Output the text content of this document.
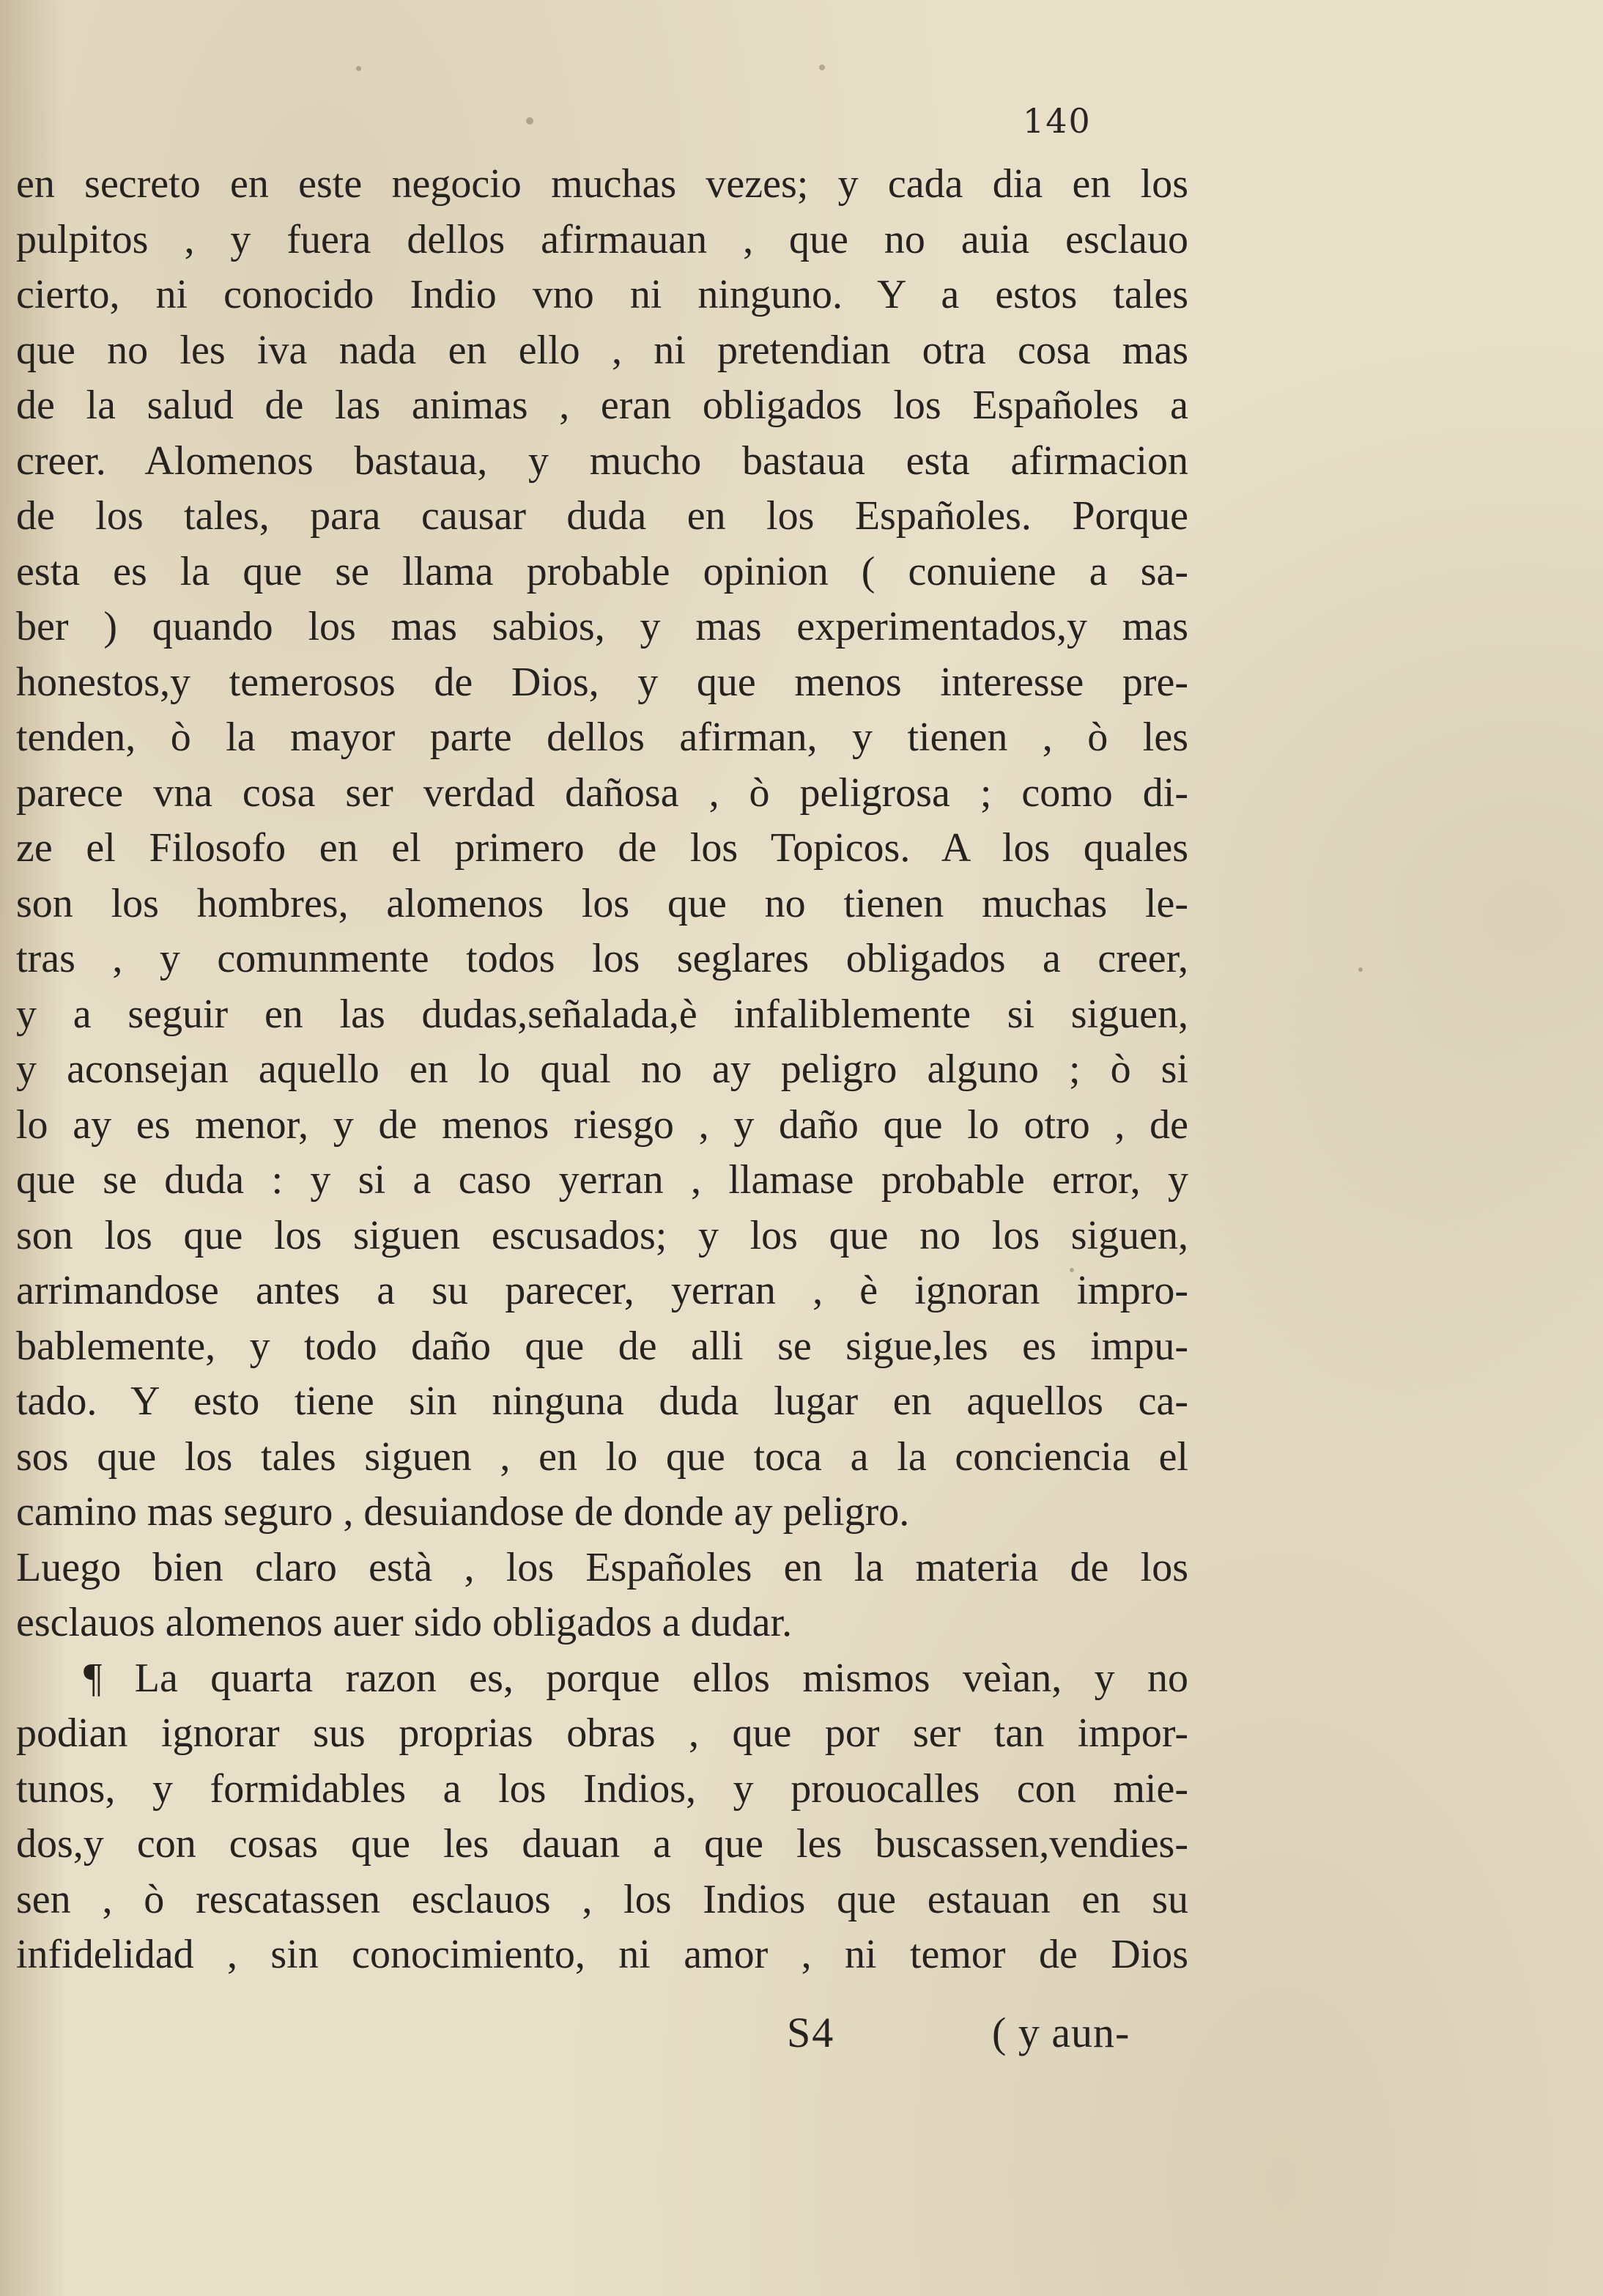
140
en secreto en este negocio muchas vezes; y cada dia en los
pulpitos , y fuera dellos afirmauan , que no auia esclauo
cierto, ni conocido Indio vno ni ninguno. Y a estos tales
que no les iva nada en ello , ni pretendian otra cosa mas
de la salud de las animas , eran obligados los Españoles a
creer. Alomenos bastaua, y mucho bastaua esta afirmacion
de los tales, para causar duda en los Españoles. Porque
esta es la que se llama probable opinion ( conuiene a sa-
ber ) quando los mas sabios, y mas experimentados,y mas
honestos,y temerosos de Dios, y que menos interesse pre-
tenden, ò la mayor parte dellos afirman, y tienen , ò les
parece vna cosa ser verdad dañosa , ò peligrosa ; como di-
ze el Filosofo en el primero de los Topicos. A los quales
son los hombres, alomenos los que no tienen muchas le-
tras , y comunmente todos los seglares obligados a creer,
y a seguir en las dudas,señalada,è infaliblemente si siguen,
y aconsejan aquello en lo qual no ay peligro alguno ; ò si
lo ay es menor, y de menos riesgo , y daño que lo otro , de
que se duda : y si a caso yerran , llamase probable error, y
son los que los siguen escusados; y los que no los siguen,
arrimandose antes a su parecer, yerran , è ignoran impro-
bablemente, y todo daño que de alli se sigue,les es impu-
tado. Y esto tiene sin ninguna duda lugar en aquellos ca-
sos que los tales siguen , en lo que toca a la conciencia el
camino mas seguro , desuiandose de donde ay peligro.
Luego bien claro està , los Españoles en la materia de los
esclauos alomenos auer sido obligados a dudar.
¶ La quarta razon es, porque ellos mismos veìan, y no
podian ignorar sus proprias obras , que por ser tan impor-
tunos, y formidables a los Indios, y prouocalles con mie-
dos,y con cosas que les dauan a que les buscassen,vendies-
sen , ò rescatassen esclauos , los Indios que estauan en su
infidelidad , sin conocimiento, ni amor , ni temor de Dios
S4	( y aun-
